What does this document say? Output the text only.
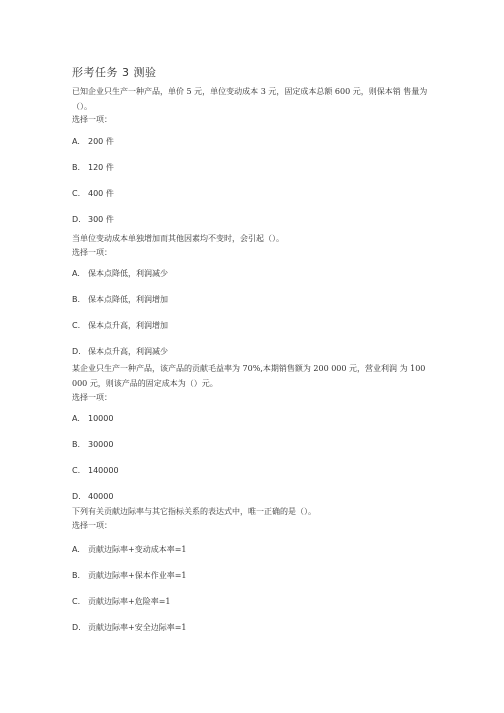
形考任务 3 测验
已知企业只生产一种产品，单价 5 元，单位变动成本 3 元，固定成本总额 600 元，则保本销 售量为（）。
选择一项：
A. 200 件
B. 120 件
C. 400 件
D. 300 件
当单位变动成本单独增加而其他因素均不变时，会引起（）。
选择一项：
A. 保本点降低，利润减少
B. 保本点降低，利润增加
C. 保本点升高，利润增加
D. 保本点升高，利润减少
某企业只生产一种产品，该产品的贡献毛益率为 70%,本期销售额为 200 000 元，营业利润 为 100 000 元，则该产品的固定成本为（）元。
选择一项：
A. 10000
B. 30000
C. 140000
D. 40000
下列有关贡献边际率与其它指标关系的表达式中，唯一正确的是（）。
选择一项：
A. 贡献边际率+变动成本率=1
B. 贡献边际率+保本作业率=1
C. 贡献边际率+危险率=1
D. 贡献边际率+安全边际率=1
